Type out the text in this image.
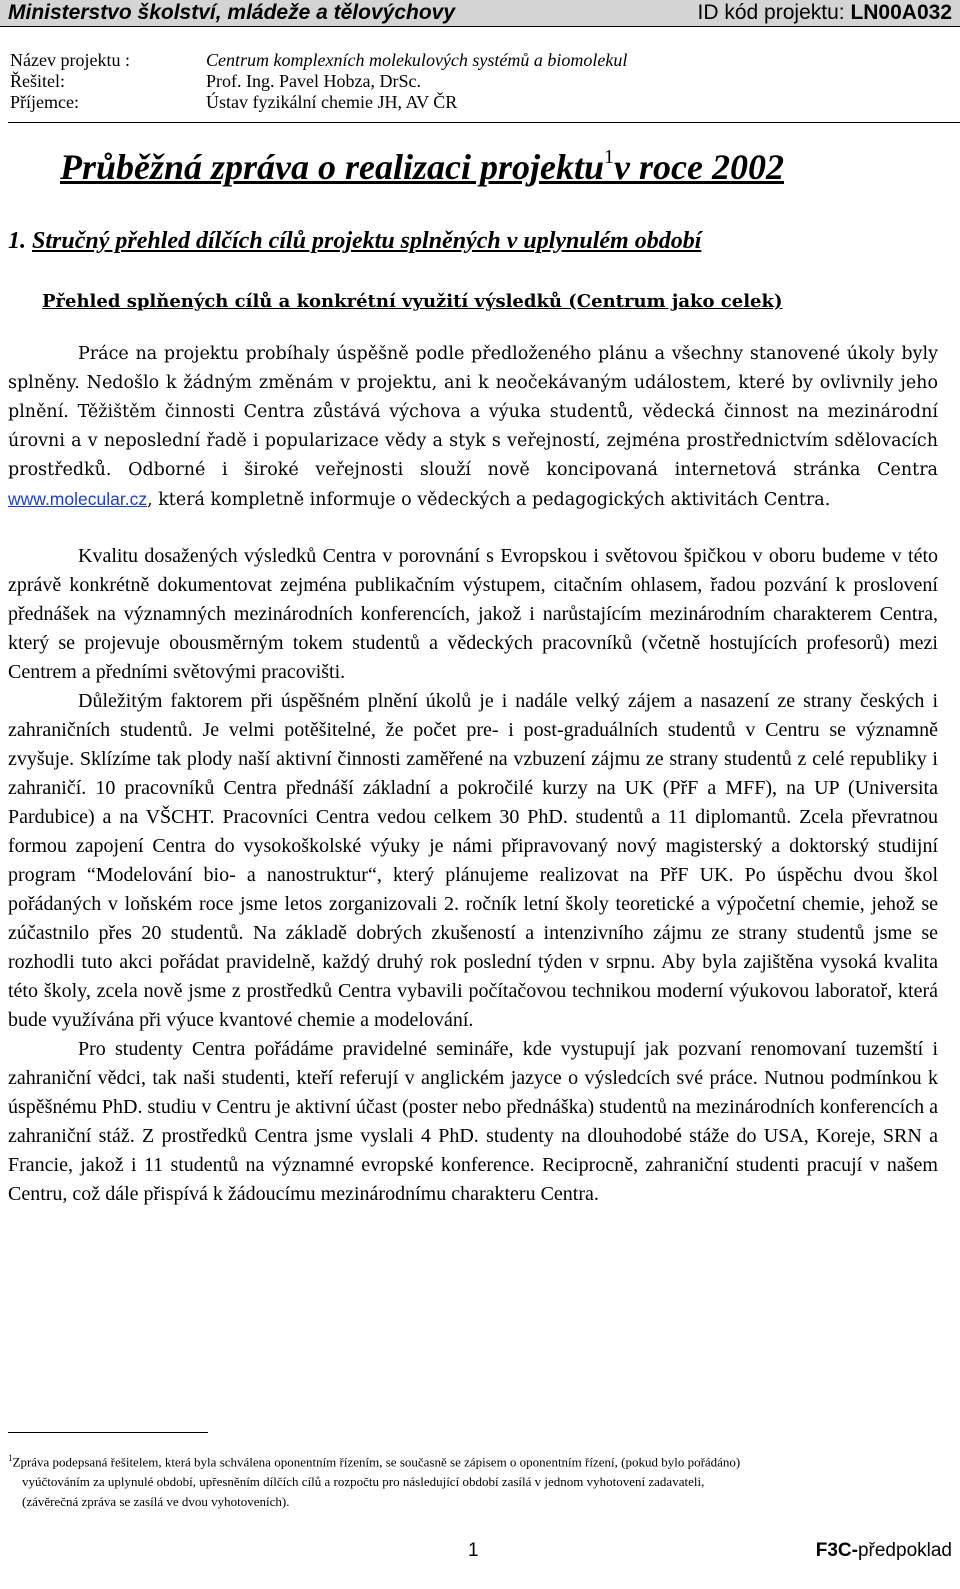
Ministerstvo školství, mládeže a tělovýchovy	ID kód projektu: LN00A032
Název projektu :	Centrum komplexních molekulových systémů a biomolekul
Řešitel:	Prof. Ing. Pavel Hobza, DrSc.
Příjemce:	Ústav fyzikální chemie JH, AV ČR
Průběžná zpráva o realizaci projektu$^1$v roce 2002
1. Stručný přehled dílčích cílů projektu splněných v uplynulém období
Přehled splňených cílů a konkrétní využití výsledků (Centrum jako celek)

Práce na projektu probíhaly úspěšně podle předloženého plánu a všechny stanovené úkoly byly splněny. Nedošlo k žádným změnám v projektu, ani k neočekávaným událostem, které by ovlivnily jeho plnění. Těžištěm činnosti Centra zůstává výchova a výuka studentů, vědecká činnost na mezinárodní úrovni a v neposlední řadě i popularizace vědy a styk s veřejností, zejména prostřednictvím sdělovacích prostředků. Odborné i široké veřejnosti slouží nově koncipovaná internetová stránka Centra www.molecular.cz, která kompletně informuje o vědeckých a pedagogických aktivitách Centra.

Kvalitu dosažených výsledků Centra v porovnání s Evropskou i světovou špičkou v oboru budeme v této zprávě konkrétně dokumentovat zejména publikačním výstupem, citačním ohlasem, řadou pozvání k proslovení přednášek na významných mezinárodních konferencích, jakož i narůstajícím mezinárodním charakterem Centra, který se projevuje obousměrným tokem studentů a vědeckých pracovníků (včetně hostujících profesorů) mezi Centrem a předními světovými pracovišti.

Důležitým faktorem při úspěšném plnění úkolů je i nadále velký zájem a nasazení ze strany českých i zahraničních studentů. Je velmi potěšitelné, že počet pre- i post-graduálních studentů v Centru se významně zvyšuje. Sklízíme tak plody naší aktivní činnosti zaměřené na vzbuzení zájmu ze strany studentů z celé republiky i zahraničí. 10 pracovníků Centra přednáší základní a pokročilé kurzy na UK (PřF a MFF), na UP (Universita Pardubice) a na VŠCHT. Pracovníci Centra vedou celkem 30 PhD. studentů a 11 diplomantů. Zcela převratnou formou zapojení Centra do vysokoškolské výuky je námi připravovaný nový magisterský a doktorský studijní program “Modelování bio- a nanostruktur“, který plánujeme realizovat na PřF UK. Po úspěchu dvou škol pořádaných v loňském roce jsme letos zorganizovali 2. ročník letní školy teoretické a výpočetní chemie, jehož se zúčastnilo přes 20 studentů. Na základě dobrých zkušeností a intenzivního zájmu ze strany studentů jsme se rozhodli tuto akci pořádat pravidelně, každý druhý rok poslední týden v srpnu. Aby byla zajištěna vysoká kvalita této školy, zcela nově jsme z prostředků Centra vybavili počítačovou technikou moderní výukovou laboratoř, která bude využívána při výuce kvantové chemie a modelování.

Pro studenty Centra pořádáme pravidelné semináře, kde vystupují jak pozvaní renomovaní tuzemští i zahraniční vědci, tak naši studenti, kteří referují v anglickém jazyce o výsledcích své práce. Nutnou podmínkou k úspěšnému PhD. studiu v Centru je aktivní účast (poster nebo přednáška) studentů na mezinárodních konferencích a zahraniční stáž. Z prostředků Centra jsme vyslali 4 PhD. studenty na dlouhodobé stáže do USA, Koreje, SRN a Francie, jakož i 11 studentů na významné evropské konference. Reciprocně, zahraniční studenti pracují v našem Centru, což dále přispívá k žádoucímu mezinárodnímu charakteru Centra.

$^1$Zpráva podepsaná řešitelem, která byla schválena oponentním řízením, se současně se zápisem o oponentním řízení, (pokud bylo pořádáno)
vyúčtováním za uplynulé období, upřesněním dílčích cílů a rozpočtu pro následující období zasílá v jednom vyhotovení zadavateli,
(závěrečná zpráva se zasílá ve dvou vyhotoveních).
1	F3C-předpoklad
